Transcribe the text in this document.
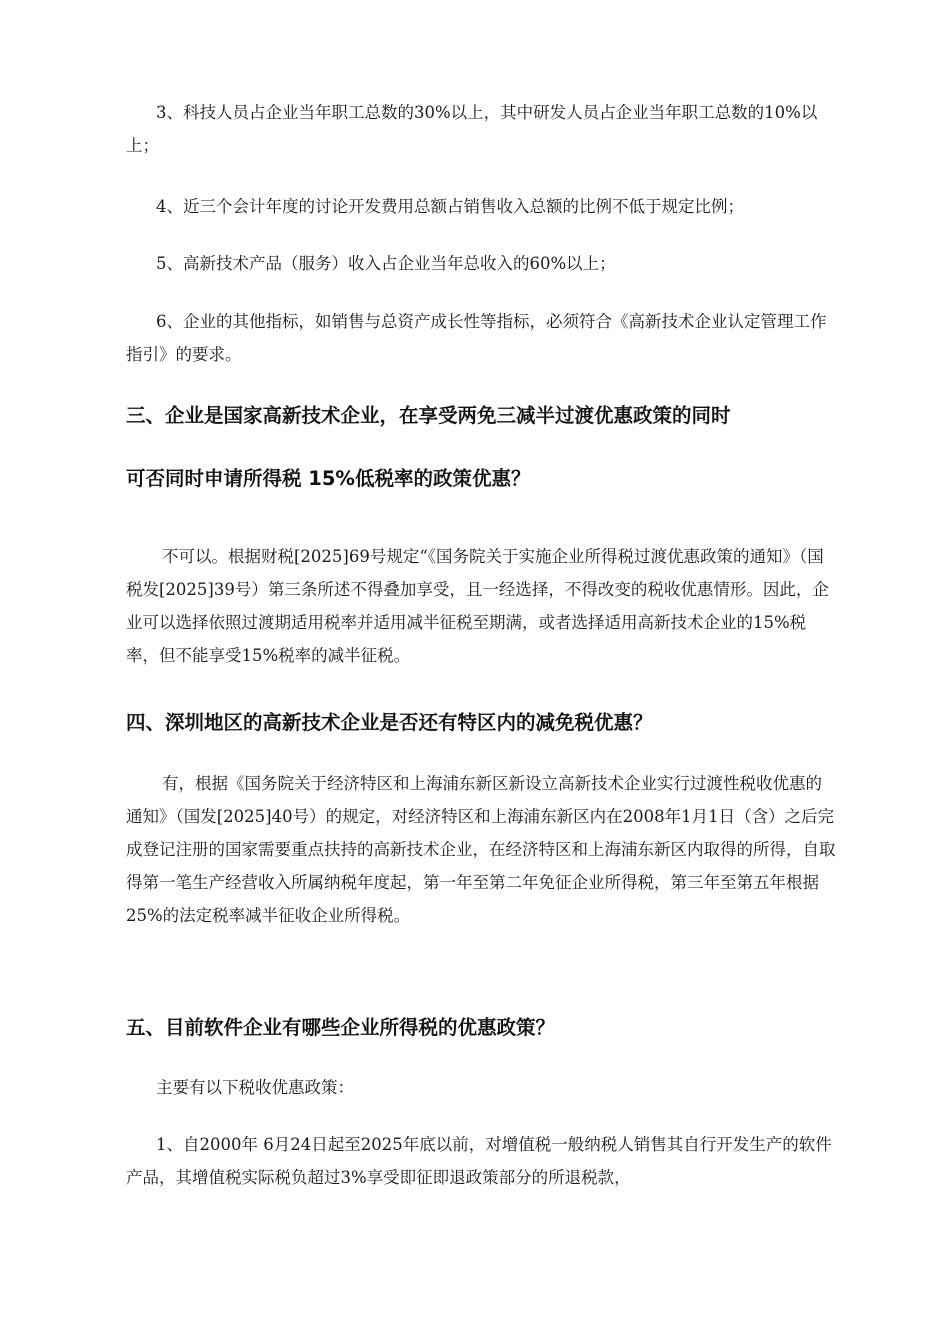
3、科技人员占企业当年职工总数的30%以上，其中研发人员占企业当年职工总数的10%以上；

4、近三个会计年度的讨论开发费用总额占销售收入总额的比例不低于规定比例；

5、高新技术产品（服务）收入占企业当年总收入的60%以上；

6、企业的其他指标，如销售与总资产成长性等指标，必须符合《高新技术企业认定管理工作指引》的要求。

三、企业是国家高新技术企业，在享受两免三减半过渡优惠政策的同时
可否同时申请所得税 15%低税率的政策优惠？

不可以。根据财税[2025]69号规定“《国务院关于实施企业所得税过渡优惠政策的通知》（国税发[2025]39号）第三条所述不得叠加享受，且一经选择，不得改变的税收优惠情形。因此，企业可以选择依照过渡期适用税率并适用减半征税至期满，或者选择适用高新技术企业的15%税率，但不能享受15%税率的减半征税。

四、深圳地区的高新技术企业是否还有特区内的减免税优惠？

有，根据《国务院关于经济特区和上海浦东新区新设立高新技术企业实行过渡性税收优惠的通知》（国发[2025]40号）的规定，对经济特区和上海浦东新区内在2008年1月1日（含）之后完成登记注册的国家需要重点扶持的高新技术企业，在经济特区和上海浦东新区内取得的所得，自取得第一笔生产经营收入所属纳税年度起，第一年至第二年免征企业所得税，第三年至第五年根据25%的法定税率减半征收企业所得税。

五、目前软件企业有哪些企业所得税的优惠政策？

主要有以下税收优惠政策：

1、自2000年 6月24日起至2025年底以前，对增值税一般纳税人销售其自行开发生产的软件产品，其增值税实际税负超过3%享受即征即退政策部分的所退税款，
